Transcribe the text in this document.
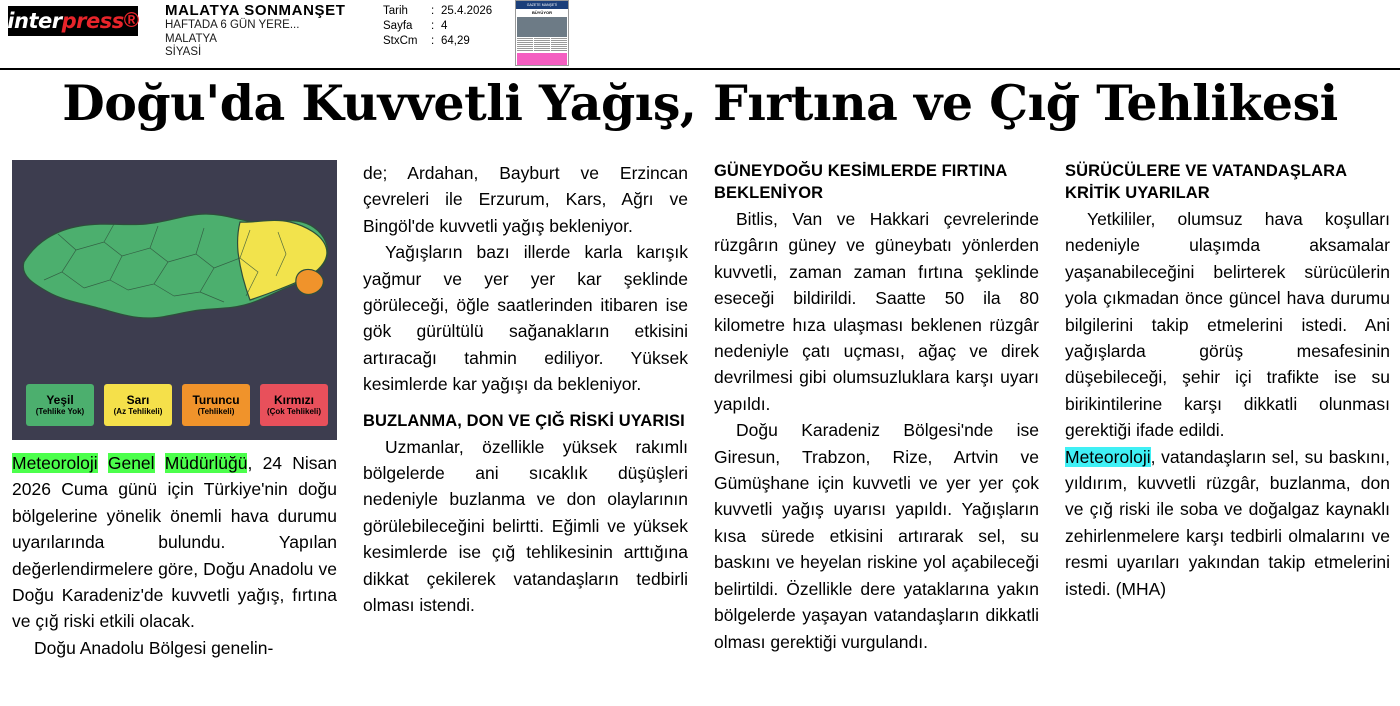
inter press ® MALATYA SONMANŞET
HAFTADA 6 GÜN YERE...
MALATYA
SİYASİ
Tarih : 25.4.2026
Sayfa : 4
StxCm : 64,29
GAZETE MANŞETİ
BÜYÜYOR
Doğu'da Kuvvetli Yağış, Fırtına ve Çığ Tehlikesi
Yeşil
(Tehlike Yok)
Sarı
(Az Tehlikeli)
Turuncu
(Tehlikeli)
Kırmızı
(Çok Tehlikeli)

Meteoroloji Genel Müdürlüğü, 24 Nisan 2026 Cuma günü için Türkiye'nin doğu bölgelerine yönelik önemli hava durumu uyarılarında bulundu. Yapılan değerlendirmelere göre, Doğu Anadolu ve Doğu Karadeniz'de kuvvetli yağış, fırtına ve çığ riski etkili olacak.

Doğu Anadolu Bölgesi genelin-

de; Ardahan, Bayburt ve Erzincan çevreleri ile Erzurum, Kars, Ağrı ve Bingöl'de kuvvetli yağış bekleniyor.

Yağışların bazı illerde karla karışık yağmur ve yer yer kar şeklinde görüleceği, öğle saatlerinden itibaren ise gök gürültülü sağanakların etkisini artıracağı tahmin ediliyor. Yüksek kesimlerde kar yağışı da bekleniyor.

BUZLANMA, DON VE ÇIĞ RİSKİ UYARISI

Uzmanlar, özellikle yüksek rakımlı bölgelerde ani sıcaklık düşüşleri nedeniyle buzlanma ve don olaylarının görülebileceğini belirtti. Eğimli ve yüksek kesimlerde ise çığ tehlikesinin arttığına dikkat çekilerek vatandaşların tedbirli olması istendi.

GÜNEYDOĞU KESİMLERDE FIRTINA BEKLENİYOR

Bitlis, Van ve Hakkari çevrelerinde rüzgârın güney ve güneybatı yönlerden kuvvetli, zaman zaman fırtına şeklinde eseceği bildirildi. Saatte 50 ila 80 kilometre hıza ulaşması beklenen rüzgâr nedeniyle çatı uçması, ağaç ve direk devrilmesi gibi olumsuzluklara karşı uyarı yapıldı.

Doğu Karadeniz Bölgesi'nde ise Giresun, Trabzon, Rize, Artvin ve Gümüşhane için kuvvetli ve yer yer çok kuvvetli yağış uyarısı yapıldı. Yağışların kısa sürede etkisini artırarak sel, su baskını ve heyelan riskine yol açabileceği belirtildi. Özellikle dere yataklarına yakın bölgelerde yaşayan vatandaşların dikkatli olması gerektiği vurgulandı.

SÜRÜCÜLERE VE VATANDAŞLARA KRİTİK UYARILAR

Yetkililer, olumsuz hava koşulları nedeniyle ulaşımda aksamalar yaşanabileceğini belirterek sürücülerin yola çıkmadan önce güncel hava durumu bilgilerini takip etmelerini istedi. Ani yağışlarda görüş mesafesinin düşebileceği, şehir içi trafikte ise su birikintilerine karşı dikkatli olunması gerektiği ifade edildi.

Meteoroloji, vatandaşların sel, su baskını, yıldırım, kuvvetli rüzgâr, buzlanma, don ve çığ riski ile soba ve doğalgaz kaynaklı zehirlenmelere karşı tedbirli olmalarını ve resmi uyarıları yakından takip etmelerini istedi. (MHA)
